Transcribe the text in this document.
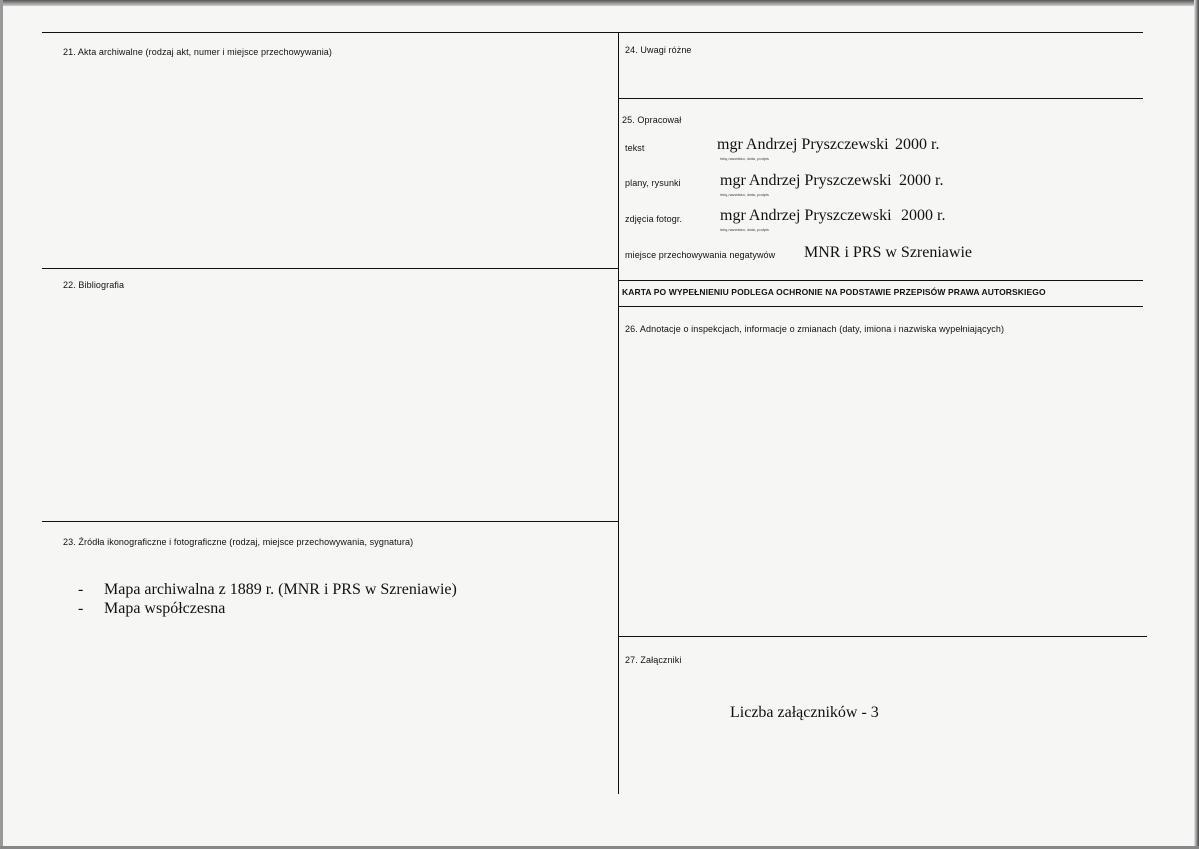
21. Akta archiwalne (rodzaj akt, numer i miejsce przechowywania)
22. Bibliografia
23. Źródła ikonograficzne i fotograficzne (rodzaj, miejsce przechowywania, sygnatura)
- Mapa archiwalna z 1889 r. (MNR i PRS w Szreniawie)
- Mapa współczesna
24. Uwagi różne
25. Opracował
tekst	mgr Andrzej Pryszczewski 2000 r.
imię,nazwisko, data, podpis
plany, rysunki mgr Andrzej Pryszczewski 2000 r.
imię,nazwisko, data, podpis
zdjęcia fotogr. mgr Andrzej Pryszczewski 2000 r.
imię,nazwisko, data, podpis
miejsce przechowywania negatywów MNR i PRS w Szreniawie
KARTA PO WYPEŁNIENIU PODLEGA OCHRONIE NA PODSTAWIE PRZEPISÓW PRAWA AUTORSKIEGO
26. Adnotacje o inspekcjach, informacje o zmianach (daty, imiona i nazwiska wypełniających)
27. Załączniki
Liczba załączników - 3
